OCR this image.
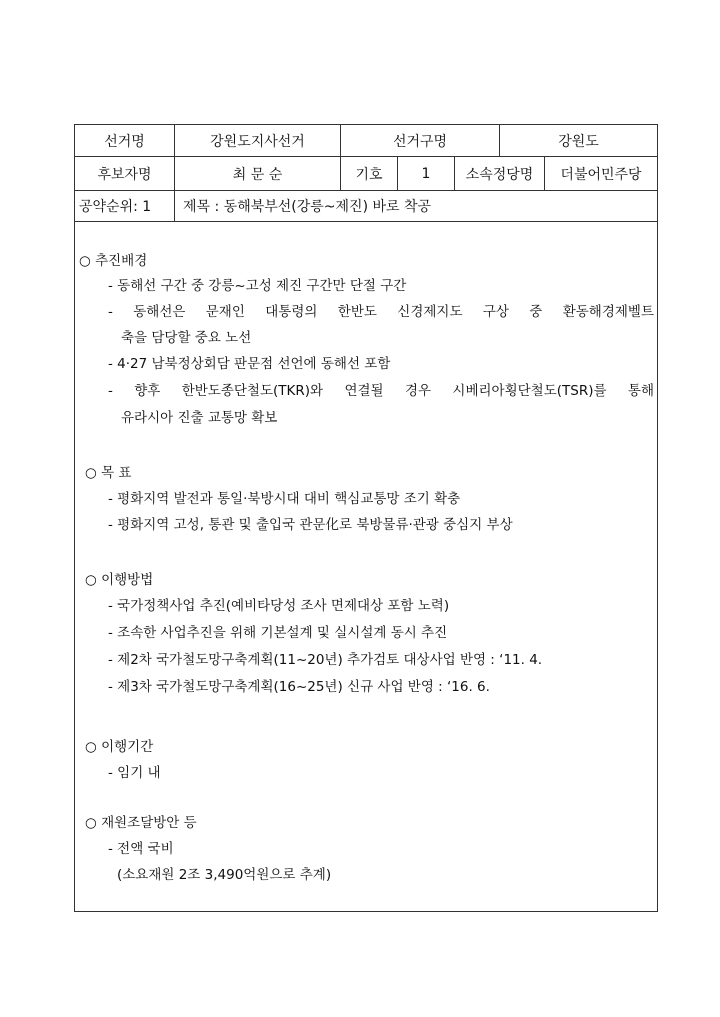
선거명	강원도지사선거	선거구명	강원도
후보자명	최 문 순	기호	1	소속정당명	더불어민주당
공약순위: 1	제목 : 동해북부선(강릉~제진) 바로 착공
○ 추진배경
- 동해선 구간 중 강릉~고성 제진 구간만 단절 구간
- 동해선은 문재인 대통령의 한반도 신경제지도 구상 중 환동해경제벨트
축을 담당할 중요 노선
- 4·27 남북정상회담 판문점 선언에 동해선 포함
- 향후 한반도종단철도(TKR)와 연결될 경우 시베리아횡단철도(TSR)를 통해
유라시아 진출 교통망 확보
○ 목 표
- 평화지역 발전과 통일·북방시대 대비 핵심교통망 조기 확충
- 평화지역 고성, 통관 및 출입국 관문化로 북방물류·관광 중심지 부상
○ 이행방법
- 국가정책사업 추진(예비타당성 조사 면제대상 포함 노력)
- 조속한 사업추진을 위해 기본설계 및 실시설계 동시 추진
- 제2차 국가철도망구축계획(11~20년) 추가검토 대상사업 반영 : ‘11. 4.
- 제3차 국가철도망구축계획(16~25년) 신규 사업 반영 : ‘16. 6.
○ 이행기간
- 임기 내
○ 재원조달방안 등
- 전액 국비
(소요재원 2조 3,490억원으로 추계)
